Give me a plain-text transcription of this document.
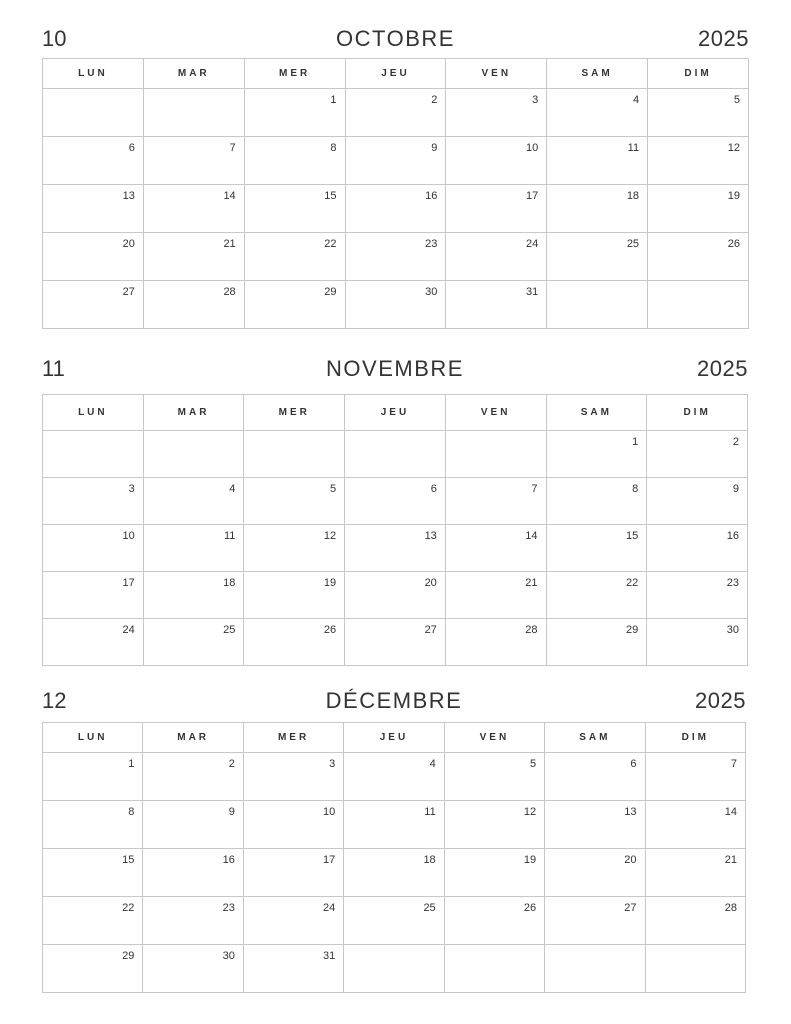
10	OCTOBRE	2025
LUN	MAR	MER	JEU	VEN	SAM	DIM

		1	2	3	4	5

6	7	8	9	10	11	12

13	14	15	16	17	18	19

20	21	22	23	24	25	26

27	28	29	30	31		

11	NOVEMBRE	2025
LUN	MAR	MER	JEU	VEN	SAM	DIM

					1	2

3	4	5	6	7	8	9

10	11	12	13	14	15	16

17	18	19	20	21	22	23

24	25	26	27	28	29	30
12	DÉCEMBRE	2025
LUN	MAR	MER	JEU	VEN	SAM	DIM

1	2	3	4	5	6	7

8	9	10	11	12	13	14

15	16	17	18	19	20	21

22	23	24	25	26	27	28

29	30	31				
